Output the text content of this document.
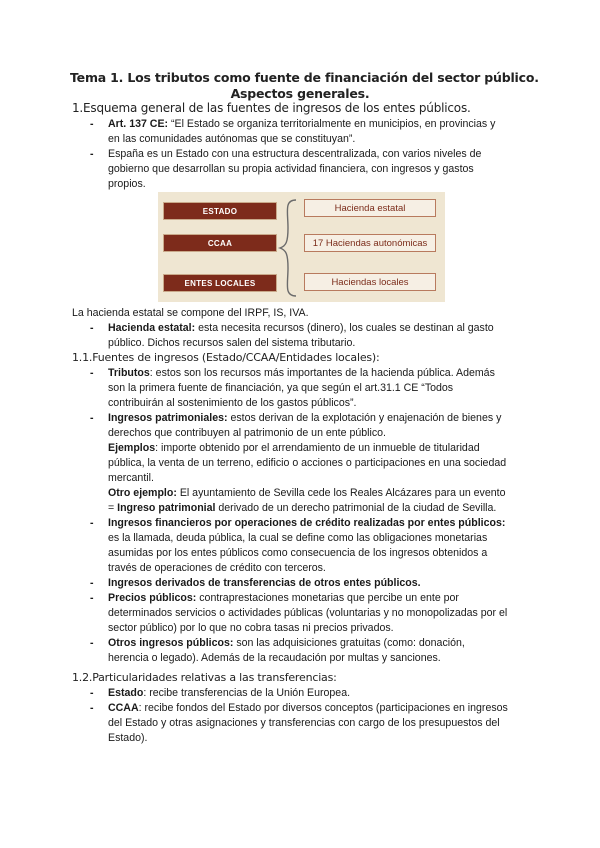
Tema 1. Los tributos como fuente de financiación del sector público.
Aspectos generales.
1.Esquema general de las fuentes de ingresos de los entes públicos.
- Art. 137 CE: “El Estado se organiza territorialmente en municipios, en provincias y
en las comunidades autónomas que se constituyan”.
- España es un Estado con una estructura descentralizada, con varios niveles de
gobierno que desarrollan su propia actividad financiera, con ingresos y gastos
propios.
ESTADO
CCAA
ENTES LOCALES
Hacienda estatal
17 Haciendas autonómicas
Haciendas locales
La hacienda estatal se compone del IRPF, IS, IVA.
- Hacienda estatal: esta necesita recursos (dinero), los cuales se destinan al gasto
público. Dichos recursos salen del sistema tributario.
1.1.Fuentes de ingresos (Estado/CCAA/Entidades locales):
- Tributos: estos son los recursos más importantes de la hacienda pública. Además
son la primera fuente de financiación, ya que según el art.31.1 CE “Todos
contribuirán al sostenimiento de los gastos públicos”.
- Ingresos patrimoniales: estos derivan de la explotación y enajenación de bienes y
derechos que contribuyen al patrimonio de un ente público.
Ejemplos: importe obtenido por el arrendamiento de un inmueble de titularidad
pública, la venta de un terreno, edificio o acciones o participaciones en una sociedad
mercantil.
Otro ejemplo: El ayuntamiento de Sevilla cede los Reales Alcázares para un evento
= Ingreso patrimonial derivado de un derecho patrimonial de la ciudad de Sevilla.
- Ingresos financieros por operaciones de crédito realizadas por entes públicos:
es la llamada, deuda pública, la cual se define como las obligaciones monetarias
asumidas por los entes públicos como consecuencia de los ingresos obtenidos a
través de operaciones de crédito con terceros.
- Ingresos derivados de transferencias de otros entes públicos.
- Precios públicos: contraprestaciones monetarias que percibe un ente por
determinados servicios o actividades públicas (voluntarias y no monopolizadas por el
sector público) por lo que no cobra tasas ni precios privados.
- Otros ingresos públicos: son las adquisiciones gratuitas (como: donación,
herencia o legado). Además de la recaudación por multas y sanciones.
1.2.Particularidades relativas a las transferencias:
- Estado: recibe transferencias de la Unión Europea.
- CCAA: recibe fondos del Estado por diversos conceptos (participaciones en ingresos
del Estado y otras asignaciones y transferencias con cargo de los presupuestos del
Estado).
